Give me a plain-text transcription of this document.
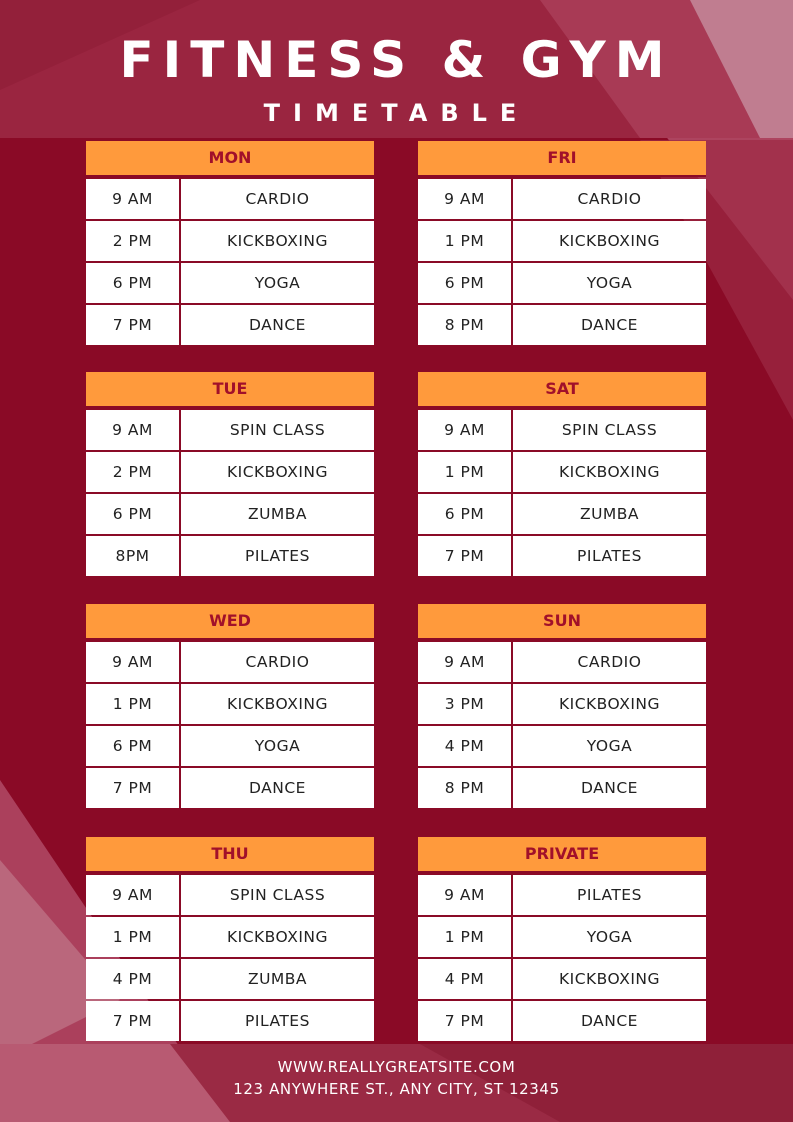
FITNESS & GYM
TIMETABLE
MON
9 AM	CARDIO
2 PM	KICKBOXING
6 PM	YOGA
7 PM	DANCE
FRI
9 AM	CARDIO
1 PM	KICKBOXING
6 PM	YOGA
8 PM	DANCE
TUE
9 AM	SPIN CLASS
2 PM	KICKBOXING
6 PM	ZUMBA
8PM	PILATES
SAT
9 AM	SPIN CLASS
1 PM	KICKBOXING
6 PM	ZUMBA
7 PM	PILATES
WED
9 AM	CARDIO
1 PM	KICKBOXING
6 PM	YOGA
7 PM	DANCE
SUN
9 AM	CARDIO
3 PM	KICKBOXING
4 PM	YOGA
8 PM	DANCE
THU
9 AM	SPIN CLASS
1 PM	KICKBOXING
4 PM	ZUMBA
7 PM	PILATES
PRIVATE
9 AM	PILATES
1 PM	YOGA
4 PM	KICKBOXING
7 PM	DANCE
WWW.REALLYGREATSITE.COM
123 ANYWHERE ST., ANY CITY, ST 12345
